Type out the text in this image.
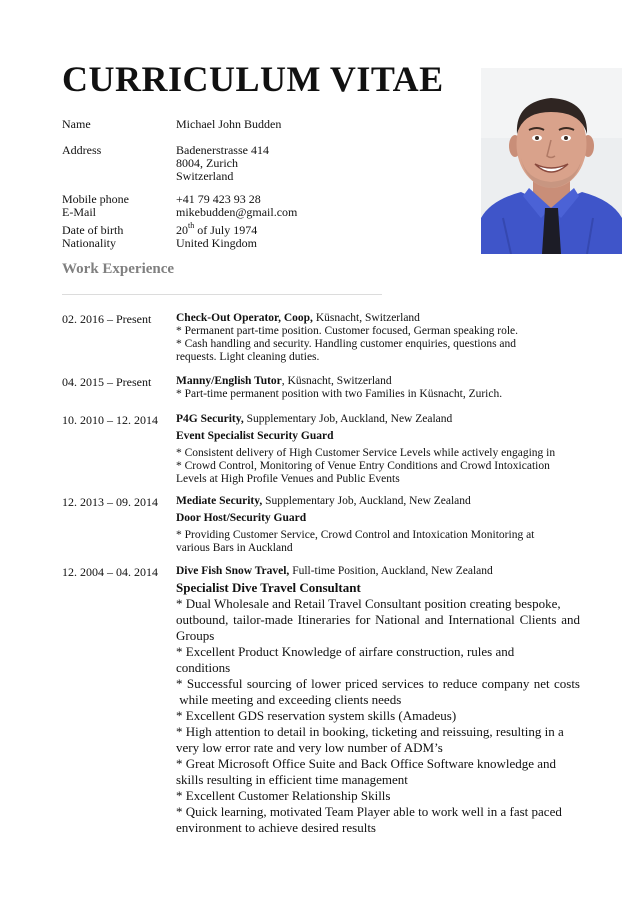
CURRICULUM VITAE
Name	Michael John Budden
Address	Badenerstrasse 414
8004, Zurich
Switzerland
Mobile phone	+41 79 423 93 28
E-Mail	mikebudden@gmail.com
Date of birth	20th of July 1974
Nationality	United Kingdom
Work Experience
02. 2016 – Present Check-Out Operator, Coop, Küsnacht, Switzerland
* Permanent part-time position. Customer focused, German speaking role.
* Cash handling and security. Handling customer enquiries, questions and
requests. Light cleaning duties.
04. 2015 – Present Manny/English Tutor, Küsnacht, Switzerland
* Part-time permanent position with two Families in Küsnacht, Zurich.
10. 2010 – 12. 2014 P4G Security, Supplementary Job, Auckland, New Zealand
Event Specialist Security Guard
* Consistent delivery of High Customer Service Levels while actively engaging in
* Crowd Control, Monitoring of Venue Entry Conditions and Crowd Intoxication
Levels at High Profile Venues and Public Events
12. 2013 – 09. 2014 Mediate Security, Supplementary Job, Auckland, New Zealand
Door Host/Security Guard
* Providing Customer Service, Crowd Control and Intoxication Monitoring at
various Bars in Auckland
12. 2004 – 04. 2014 Dive Fish Snow Travel, Full-time Position, Auckland, New Zealand
Specialist Dive Travel Consultant
* Dual Wholesale and Retail Travel Consultant position creating bespoke,
outbound, tailor-made Itineraries for National and International Clients and
Groups
* Excellent Product Knowledge of airfare construction, rules and
conditions
* Successful sourcing of lower priced services to reduce company net costs
while meeting and exceeding clients needs
* Excellent GDS reservation system skills (Amadeus)
* High attention to detail in booking, ticketing and reissuing, resulting in a
very low error rate and very low number of ADM’s
* Great Microsoft Office Suite and Back Office Software knowledge and
skills resulting in efficient time management
* Excellent Customer Relationship Skills
* Quick learning, motivated Team Player able to work well in a fast paced
environment to achieve desired results
